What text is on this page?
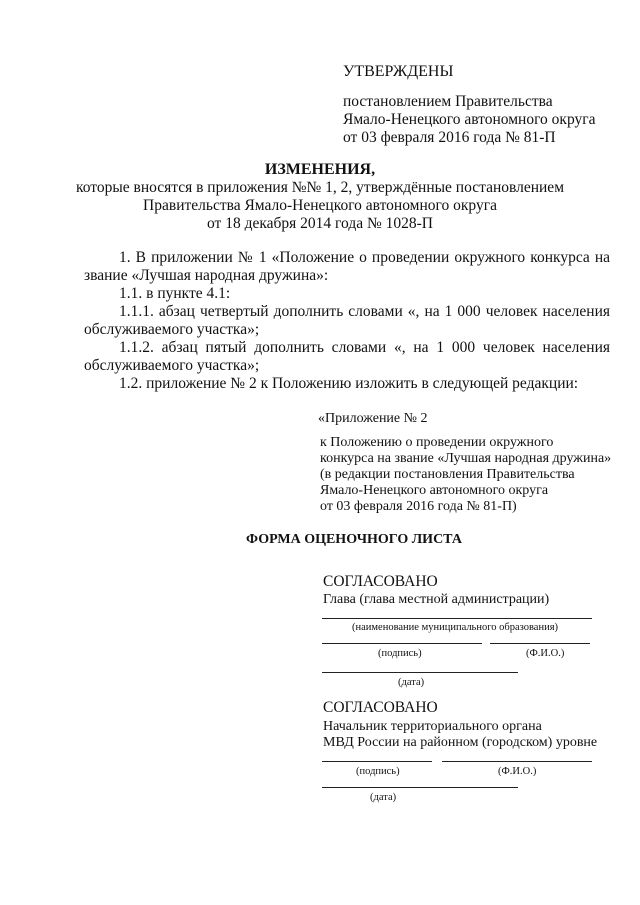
УТВЕРЖДЕНЫ
постановлением Правительства
Ямало-Ненецкого автономного округа
от 03 февраля 2016 года № 81-П
ИЗМЕНЕНИЯ,
которые вносятся в приложения №№ 1, 2, утверждённые постановлением
Правительства Ямало-Ненецкого автономного округа
от 18 декабря 2014 года № 1028-П
1. В приложении № 1 «Положение о проведении окружного конкурса на
звание «Лучшая народная дружина»:
1.1. в пункте 4.1:
1.1.1. абзац четвертый дополнить словами «, на 1 000 человек населения
обслуживаемого участка»;
1.1.2. абзац пятый дополнить словами «, на 1 000 человек населения
обслуживаемого участка»;
1.2. приложение № 2 к Положению изложить в следующей редакции:
«Приложение № 2
к Положению о проведении окружного
конкурса на звание «Лучшая народная дружина»
(в редакции постановления Правительства
Ямало-Ненецкого автономного округа
от 03 февраля 2016 года № 81-П)
ФОРМА ОЦЕНОЧНОГО ЛИСТА
СОГЛАСОВАНО
Глава (глава местной администрации)
(наименование муниципального образования)
(подпись)	(Ф.И.О.)
(дата)
СОГЛАСОВАНО
Начальник территориального органа
МВД России на районном (городском) уровне
(подпись)	(Ф.И.О.)
(дата)
